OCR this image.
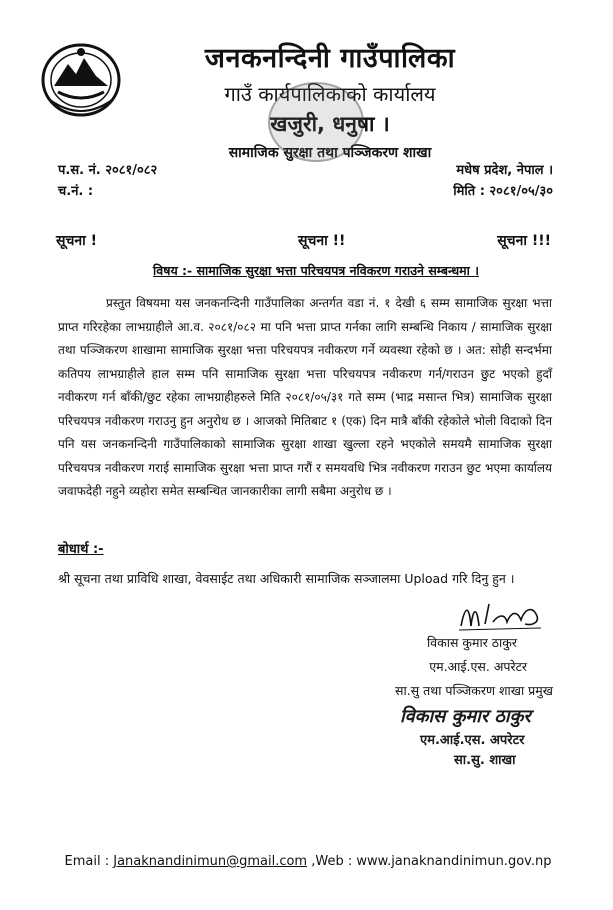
जनकनन्दिनी गाउँपालिका
गाउँ कार्यपालिकाको कार्यालय
खजुरी, धनुषा ।
सामाजिक सुरक्षा तथा पञ्जिकरण शाखा
प.स. नं. २०८१/०८२
च.नं. :
मधेष प्रदेश, नेपाल ।
मिति : २०८१/०५/३०
सूचना !	सूचना !!	सूचना !!!
विषय :- सामाजिक सुरक्षा भत्ता परिचयपत्र नविकरण गराउने सम्बन्धमा ।

प्रस्तुत विषयमा यस जनकनन्दिनी गाउँपालिका अन्तर्गत वडा नं. १ देखी ६ सम्म सामाजिक सुरक्षा भत्ता प्राप्त गरिरहेका लाभग्राहीले आ.व. २०८१/०८२ मा पनि भत्ता प्राप्त गर्नका लागि सम्बन्धि निकाय / सामाजिक सुरक्षा तथा पञ्जिकरण शाखामा सामाजिक सुरक्षा भत्ता परिचयपत्र नवीकरण गर्ने व्यवस्था रहेको छ । अत: सोही सन्दर्भमा कतिपय लाभग्राहीले हाल सम्म पनि सामाजिक सुरक्षा भत्ता परिचयपत्र नवीकरण गर्न/गराउन छुट भएको हुदाँ नवीकरण गर्न बाँकी/छुट रहेका लाभग्राहीहरुले मिति २०८१/०५/३१ गते सम्म (भाद्र मसान्त भित्र) सामाजिक सुरक्षा परिचयपत्र नवीकरण गराउनु हुन अनुरोध छ । आजको मितिबाट १ (एक) दिन मात्रै बाँकी रहेकोले भोली विदाको दिन पनि यस जनकनन्दिनी गाउँपालिकाको सामाजिक सुरक्षा शाखा खुल्ला रहने भएकोले समयमै सामाजिक सुरक्षा परिचयपत्र नवीकरण गराई सामाजिक सुरक्षा भत्ता प्राप्त गरौं र समयवधि भित्र नवीकरण गराउन छुट भएमा कार्यालय जवाफदेही नहुने व्यहोरा समेत सम्बन्धित जानकारीका लागी सबैमा अनुरोध छ ।

बोधार्थ :-

श्री सूचना तथा प्राविधि शाखा, वेवसाईट तथा अधिकारी सामाजिक सञ्जालमा Upload गरि दिनु हुन ।

विकास कुमार ठाकुर
एम.आई.एस. अपरेटर
सा.सु तथा पञ्जिकरण शाखा प्रमुख
विकास कुमार ठाकुर
एम.आई.एस. अपरेटर
सा.सु. शाखा
Email : Janaknandinimun@gmail.com ,Web : www.janaknandinimun.gov.np
